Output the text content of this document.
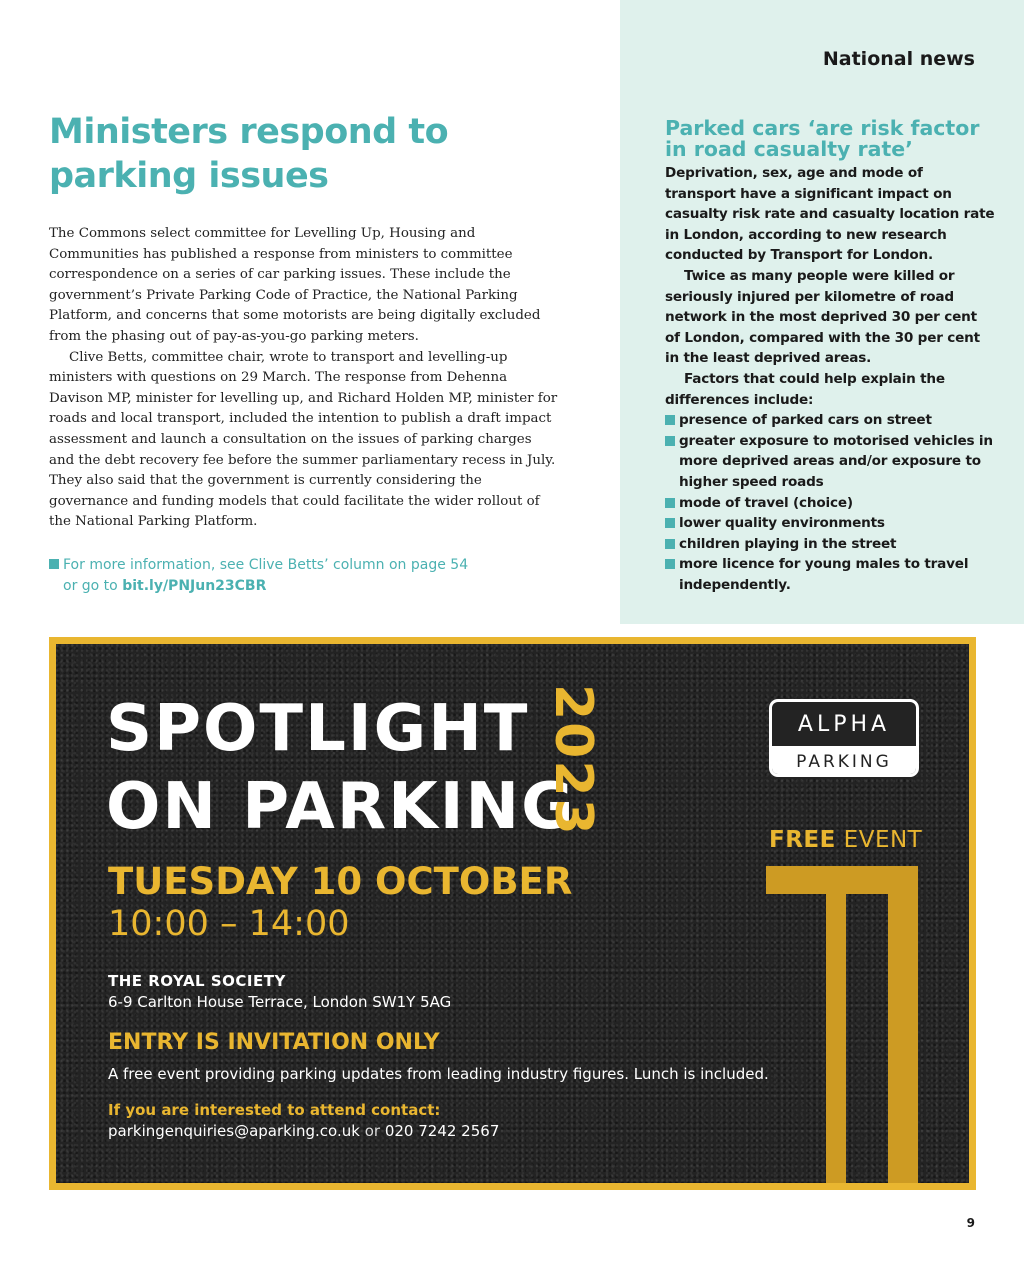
National news
Ministers respond to
parking issues

The Commons select committee for Levelling Up, Housing and Communities has published a response from ministers to committee correspondence on a series of car parking issues. These include the government’s Private Parking Code of Practice, the National Parking Platform, and concerns that some motorists are being digitally excluded from the phasing out of pay-as-you-go parking meters.

Clive Betts, committee chair, wrote to transport and levelling-up ministers with questions on 29 March. The response from Dehenna Davison MP, minister for levelling up, and Richard Holden MP, minister for roads and local transport, included the intention to publish a draft impact assessment and launch a consultation on the issues of parking charges and the debt recovery fee before the summer parliamentary recess in July. They also said that the government is currently considering the governance and funding models that could facilitate the wider rollout of the National Parking Platform.

For more information, see Clive Betts’ column on page 54
or go to bit.ly/PNJun23CBR
Parked cars ‘are risk factor
in road casualty rate’

Deprivation, sex, age and mode of transport have a significant impact on casualty risk rate and casualty location rate in London, according to new research conducted by Transport for London.

Twice as many people were killed or seriously injured per kilometre of road network in the most deprived 30 per cent of London, compared with the 30 per cent in the least deprived areas.

Factors that could help explain the differences include:

presence of parked cars on street
greater exposure to motorised vehicles in more deprived areas and/or exposure to higher speed roads
mode of travel (choice)
lower quality environments
children playing in the street
more licence for young males to travel independently.
SPOTLIGHT
ON PARKING
2023
TUESDAY 10 OCTOBER
10:00 – 14:00
THE ROYAL SOCIETY
6-9 Carlton House Terrace, London SW1Y 5AG
ENTRY IS INVITATION ONLY
A free event providing parking updates from leading industry figures. Lunch is included.
If you are interested to attend contact:
parkingenquiries@aparking.co.uk or 020 7242 2567
ALPHA
PARKING
FREE EVENT
9
